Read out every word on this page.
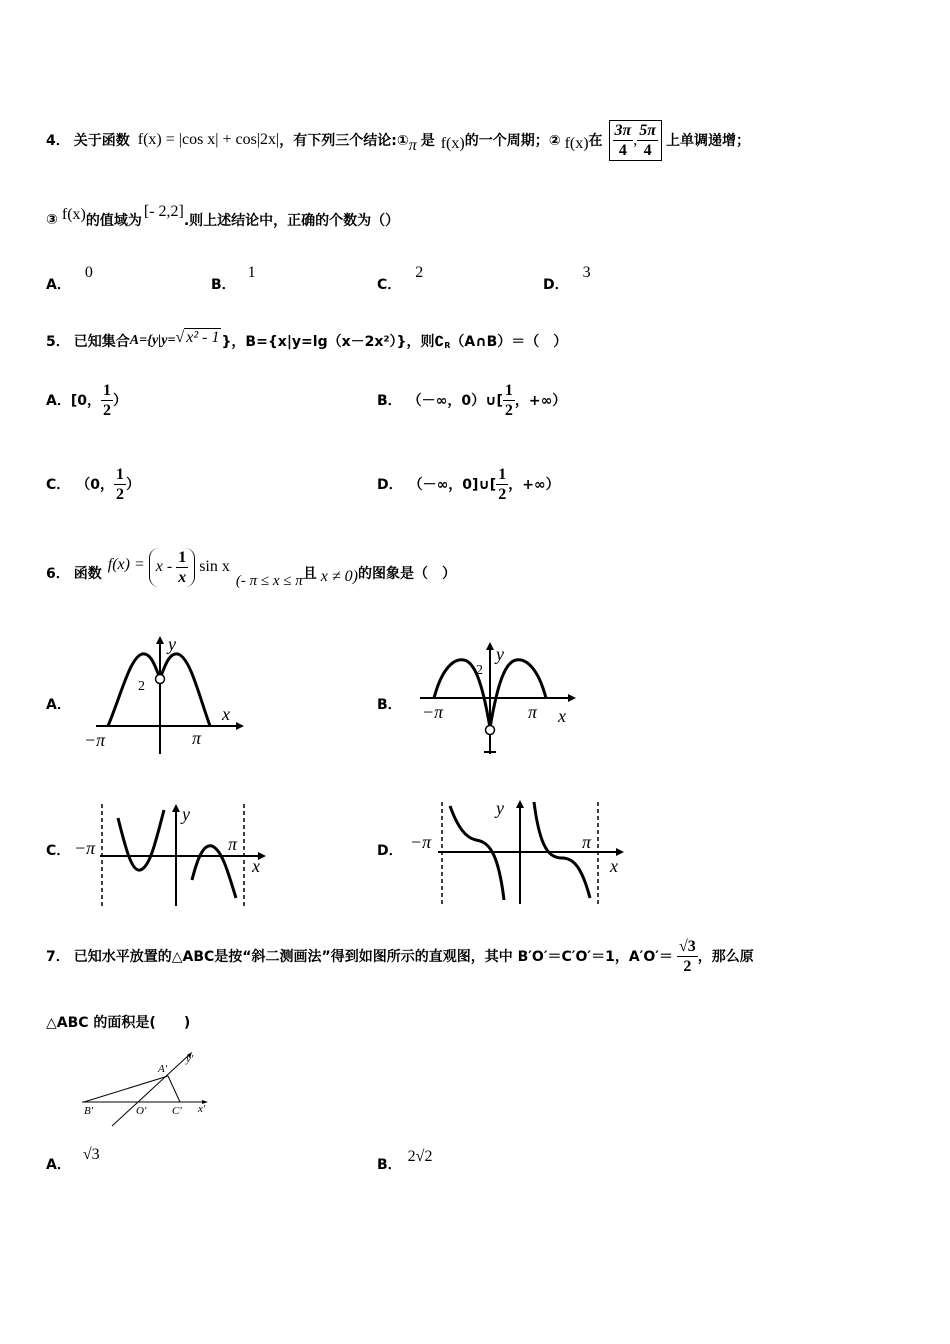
4． 关于函数 f(x) = |cos x| + cos|2x| ，有下列三个结论:① π 是 f(x) 的一个周期；② f(x) 在 $\frac{3\pi}{4}$ , $\frac{5\pi}{4}$ 上单调递增；
③ f(x) 的值域为
[- 2,2]
.则上述结论中，正确的个数为（）
A．0
B．1
C．2
D．3
5． 已知集合 A={y|y= √ x² - 1 }，B={x|y=lg（x－2x²）}，则∁ R （A∩B）＝（　）
A． [0， $\frac{1}{2}$ ）	B． （－∞，0）∪[ $\frac{1}{2}$ ，+∞）
C． （0， $\frac{1}{2}$ ）	D． （－∞，0]∪[ $\frac{1}{2}$ ，+∞）
6． 函数
$f(x) = x - \frac{1}{x}$ sin x
(- π ≤ x ≤ π 且 x ≠ 0) 的图象是（　）
A．
y
2
x
−π	π
B．
2
y
−π	π x
C． −π
y
π
x
D． −π
y
π
x
7． 已知水平放置的△ABC是按“斜二测画法”得到如图所示的直观图，其中 B′O′＝C′O′＝1，$A'O'= \frac{√3}{2}$ ，那么原
△ABC 的面积是(　　)
A′
y′
B′	O′ C′ x′
A．
√3
B． 2√2
